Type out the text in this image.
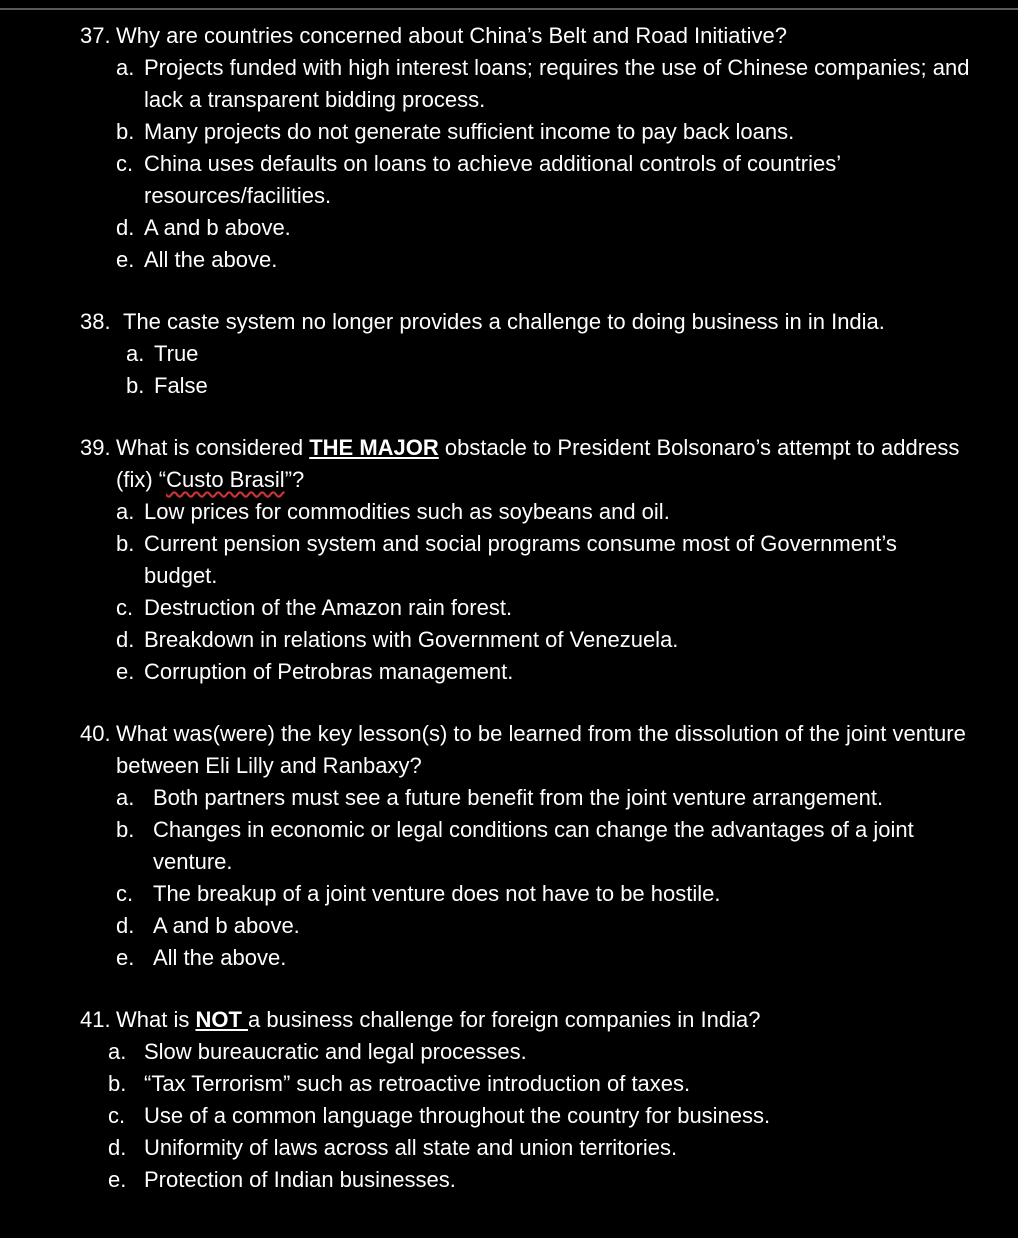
37. Why are countries concerned about China’s Belt and Road Initiative?
a. Projects funded with high interest loans; requires the use of Chinese companies; and lack a transparent bidding process.
b. Many projects do not generate sufficient income to pay back loans.
c. China uses defaults on loans to achieve additional controls of countries’ resources/facilities.
d. A and b above.
e. All the above.
38. The caste system no longer provides a challenge to doing business in in India.
a. True
b. False
39. What is considered THE MAJOR obstacle to President Bolsonaro’s attempt to address (fix) “Custo Brasil”?
a. Low prices for commodities such as soybeans and oil.
b. Current pension system and social programs consume most of Government’s budget.
c. Destruction of the Amazon rain forest.
d. Breakdown in relations with Government of Venezuela.
e. Corruption of Petrobras management.
40. What was(were) the key lesson(s) to be learned from the dissolution of the joint venture between Eli Lilly and Ranbaxy?
a. Both partners must see a future benefit from the joint venture arrangement.
b. Changes in economic or legal conditions can change the advantages of a joint venture.
c. The breakup of a joint venture does not have to be hostile.
d. A and b above.
e. All the above.
41. What is NOT a business challenge for foreign companies in India?
a. Slow bureaucratic and legal processes.
b. “Tax Terrorism” such as retroactive introduction of taxes.
c. Use of a common language throughout the country for business.
d. Uniformity of laws across all state and union territories.
e. Protection of Indian businesses.
